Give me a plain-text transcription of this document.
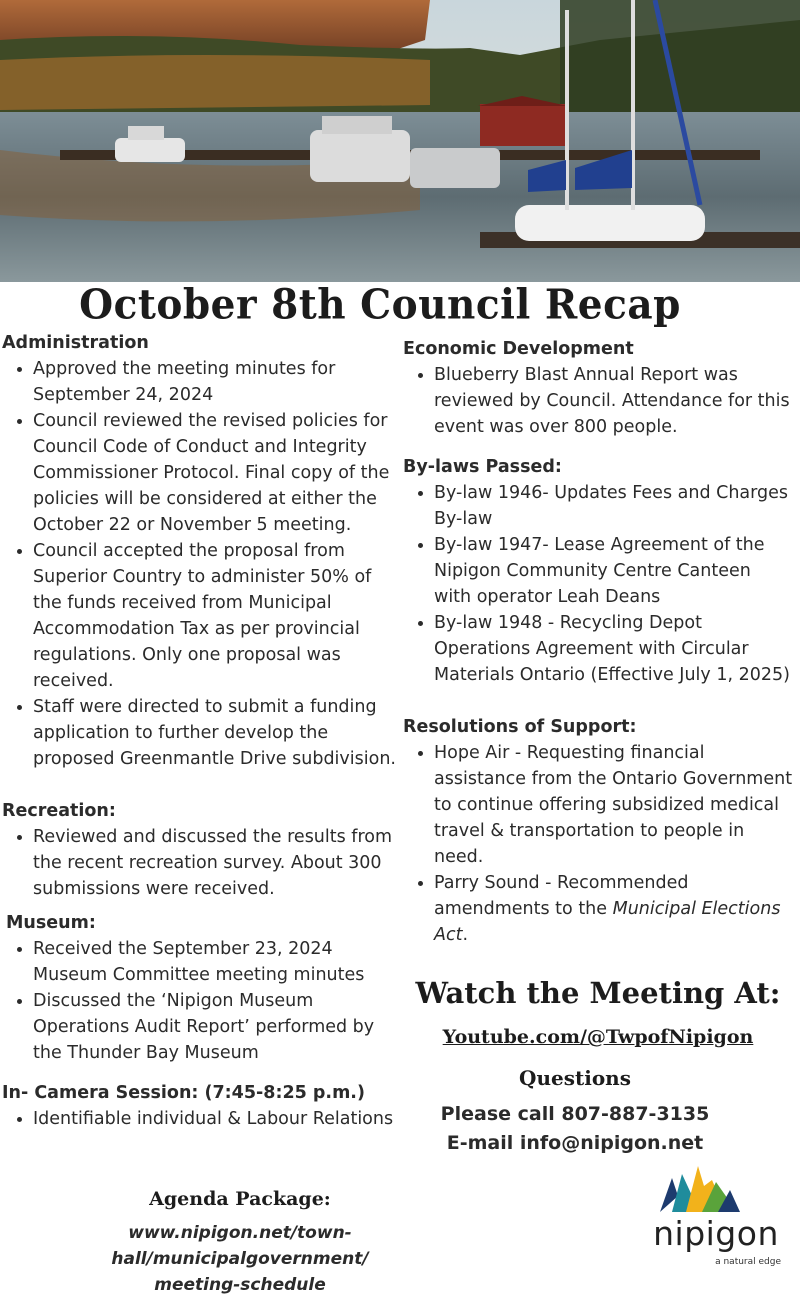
October 8th Council Recap
Administration
• Approved the meeting minutes for September 24, 2024
• Council reviewed the revised policies for Council Code of Conduct and Integrity Commissioner Protocol. Final copy of the policies will be considered at either the October 22 or November 5 meeting.
• Council accepted the proposal from Superior Country to administer 50% of the funds received from Municipal Accommodation Tax as per provincial regulations. Only one proposal was received.
• Staff were directed to submit a funding application to further develop the proposed Greenmantle Drive subdivision.
Recreation:
• Reviewed and discussed the results from the recent recreation survey. About 300 submissions were received.
Museum:
• Received the September 23, 2024 Museum Committee meeting minutes
• Discussed the ‘Nipigon Museum Operations Audit Report’ performed by the Thunder Bay Museum
In- Camera Session: (7:45-8:25 p.m.)
• Identifiable individual & Labour Relations
Economic Development
• Blueberry Blast Annual Report was reviewed by Council. Attendance for this event was over 800 people.
By-laws Passed:
• By-law 1946- Updates Fees and Charges By-law
• By-law 1947- Lease Agreement of the Nipigon Community Centre Canteen with operator Leah Deans
• By-law 1948 - Recycling Depot Operations Agreement with Circular Materials Ontario (Effective July 1, 2025)
Resolutions of Support:
• Hope Air - Requesting financial assistance from the Ontario Government to continue offering subsidized medical travel & transportation to people in need.
• Parry Sound - Recommended amendments to the Municipal Elections Act.
Watch the Meeting At:
Youtube.com/@TwpofNipigon
Questions
Please call 807-887-3135
E-mail info@nipigon.net
Agenda Package:
www.nipigon.net/town-hall/municipalgovernment/
meeting-schedule
nipigon
a natural edge
